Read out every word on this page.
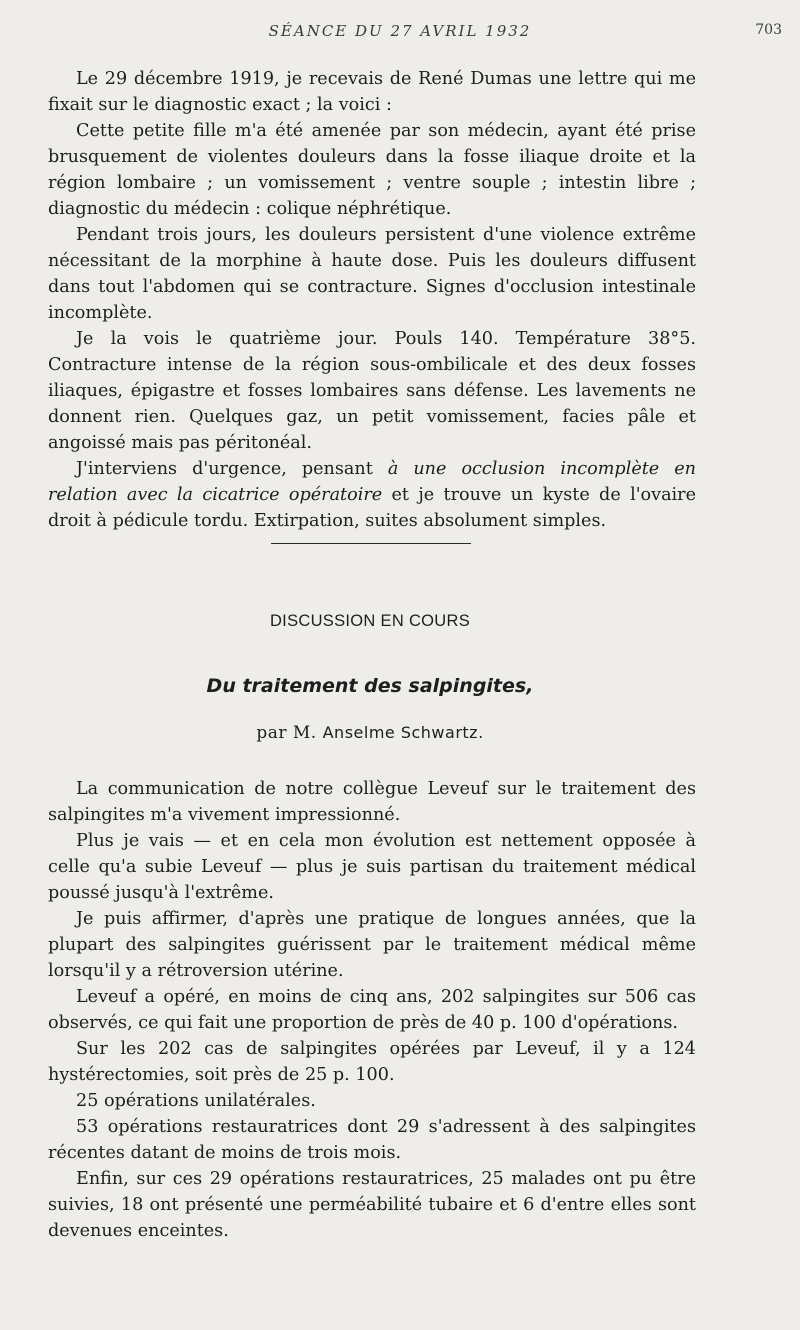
SÉANCE DU 27 AVRIL 1932	703

Le 29 décembre 1919, je recevais de René Dumas une lettre qui me fixait sur le diagnostic exact ; la voici :

Cette petite fille m'a été amenée par son médecin, ayant été prise brusquement de violentes douleurs dans la fosse iliaque droite et la région lombaire ; un vomissement ; ventre souple ; intestin libre ; diagnostic du médecin : colique néphrétique.

Pendant trois jours, les douleurs persistent d'une violence extrême nécessitant de la morphine à haute dose. Puis les douleurs diffusent dans tout l'abdomen qui se contracture. Signes d'occlusion intestinale incomplète.

Je la vois le quatrième jour. Pouls 140. Température 38°5. Contracture intense de la région sous-ombilicale et des deux fosses iliaques, épigastre et fosses lombaires sans défense. Les lavements ne donnent rien. Quelques gaz, un petit vomissement, facies pâle et angoissé mais pas péritonéal.

J'interviens d'urgence, pensant à une occlusion incomplète en relation avec la cicatrice opératoire et je trouve un kyste de l'ovaire droit à pédicule tordu. Extirpation, suites absolument simples.

DISCUSSION EN COURS
Du traitement des salpingites,
par M. Anselme Schwartz.

La communication de notre collègue Leveuf sur le traitement des salpingites m'a vivement impressionné.

Plus je vais — et en cela mon évolution est nettement opposée à celle qu'a subie Leveuf — plus je suis partisan du traitement médical poussé jusqu'à l'extrême.

Je puis affirmer, d'après une pratique de longues années, que la plupart des salpingites guérissent par le traitement médical même lorsqu'il y a rétroversion utérine.

Leveuf a opéré, en moins de cinq ans, 202 salpingites sur 506 cas observés, ce qui fait une proportion de près de 40 p. 100 d'opérations.

Sur les 202 cas de salpingites opérées par Leveuf, il y a 124 hystérectomies, soit près de 25 p. 100.

25 opérations unilatérales.

53 opérations restauratrices dont 29 s'adressent à des salpingites récentes datant de moins de trois mois.

Enfin, sur ces 29 opérations restauratrices, 25 malades ont pu être suivies, 18 ont présenté une perméabilité tubaire et 6 d'entre elles sont devenues enceintes.
